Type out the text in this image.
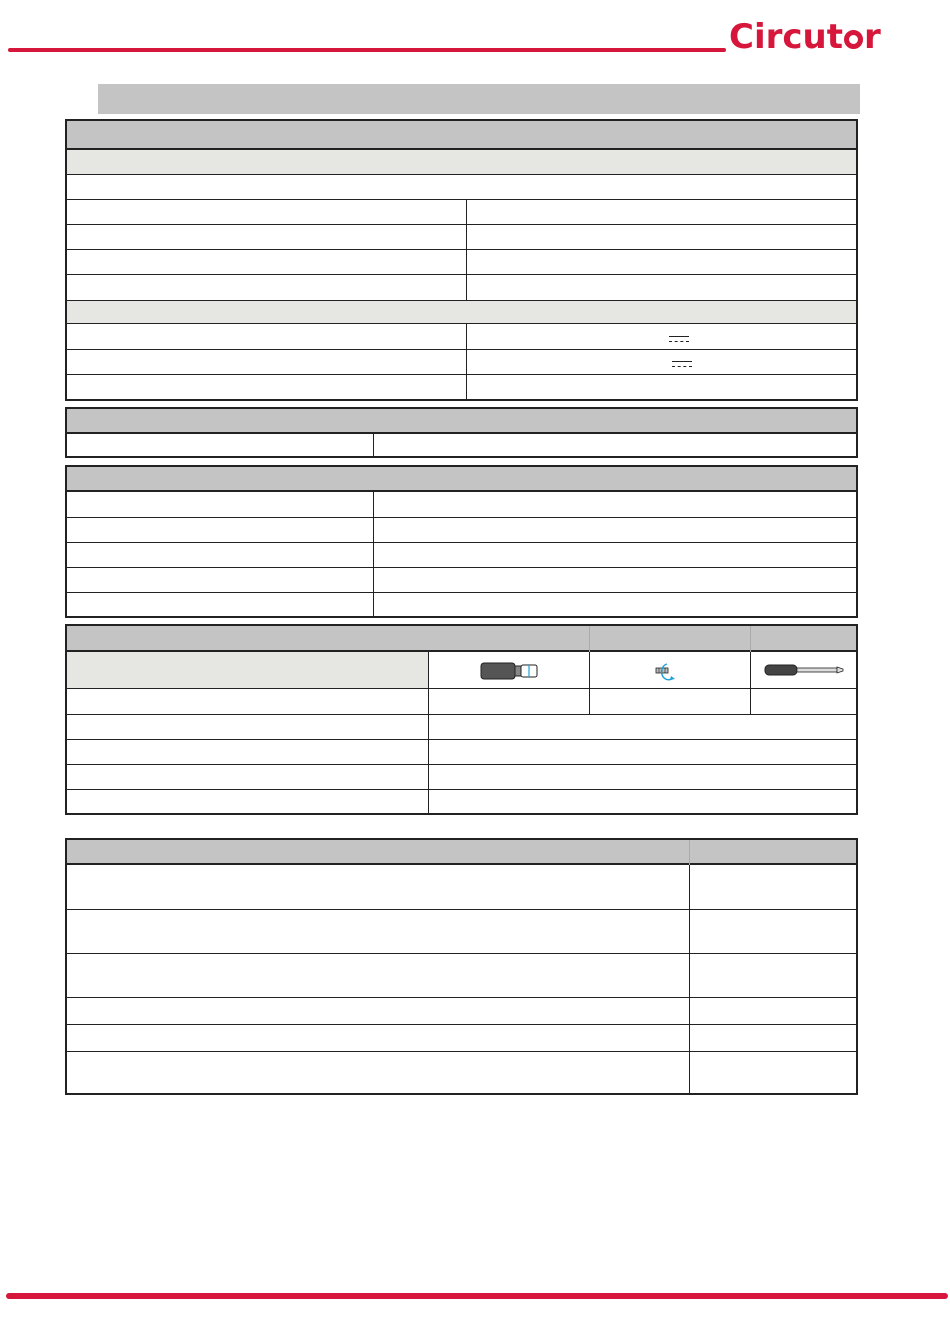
Circut r
